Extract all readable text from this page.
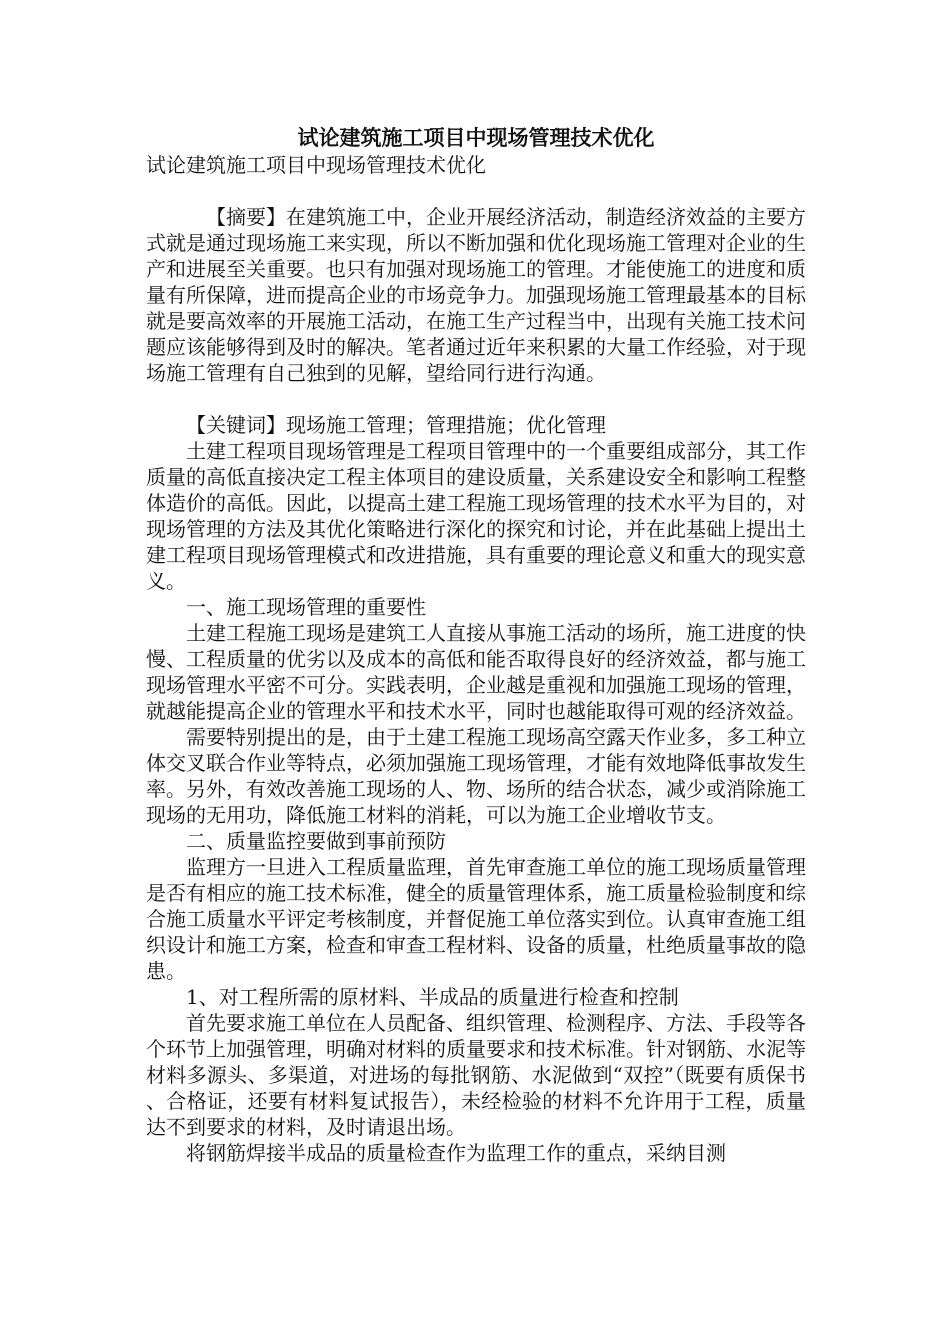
试论建筑施工项目中现场管理技术优化

试论建筑施工项目中现场管理技术优化

【摘要】在建筑施工中，企业开展经济活动，制造经济效益的主要方式就是通过现场施工来实现，所以不断加强和优化现场施工管理对企业的生产和进展至关重要。也只有加强对现场施工的管理。才能使施工的进度和质量有所保障，进而提高企业的市场竞争力。加强现场施工管理最基本的目标就是要高效率的开展施工活动，在施工生产过程当中，出现有关施工技术问题应该能够得到及时的解决。笔者通过近年来积累的大量工作经验，对于现场施工管理有自己独到的见解，望给同行进行沟通。

【关键词】现场施工管理；管理措施；优化管理

土建工程项目现场管理是工程项目管理中的一个重要组成部分，其工作质量的高低直接决定工程主体项目的建设质量，关系建设安全和影响工程整体造价的高低。因此，以提高土建工程施工现场管理的技术水平为目的，对现场管理的方法及其优化策略进行深化的探究和讨论，并在此基础上提出土建工程项目现场管理模式和改进措施，具有重要的理论意义和重大的现实意义。

一、施工现场管理的重要性

土建工程施工现场是建筑工人直接从事施工活动的场所，施工进度的快慢、工程质量的优劣以及成本的高低和能否取得良好的经济效益，都与施工现场管理水平密不可分。实践表明，企业越是重视和加强施工现场的管理，就越能提高企业的管理水平和技术水平，同时也越能取得可观的经济效益。

需要特别提出的是，由于土建工程施工现场高空露天作业多，多工种立体交叉联合作业等特点，必须加强施工现场管理，才能有效地降低事故发生率。另外，有效改善施工现场的人、物、场所的结合状态，减少或消除施工现场的无用功，降低施工材料的消耗，可以为施工企业增收节支。

二、质量监控要做到事前预防

监理方一旦进入工程质量监理，首先审查施工单位的施工现场质量管理是否有相应的施工技术标准，健全的质量管理体系，施工质量检验制度和综合施工质量水平评定考核制度，并督促施工单位落实到位。认真审查施工组织设计和施工方案，检查和审查工程材料、设备的质量，杜绝质量事故的隐患。

1、对工程所需的原材料、半成品的质量进行检查和控制

首先要求施工单位在人员配备、组织管理、检测程序、方法、手段等各个环节上加强管理，明确对材料的质量要求和技术标准。针对钢筋、水泥等材料多源头、多渠道，对进场的每批钢筋、水泥做到“双控”（既要有质保书、合格证，还要有材料复试报告），未经检验的材料不允许用于工程，质量达不到要求的材料，及时请退出场。

将钢筋焊接半成品的质量检查作为监理工作的重点，采纳目测
